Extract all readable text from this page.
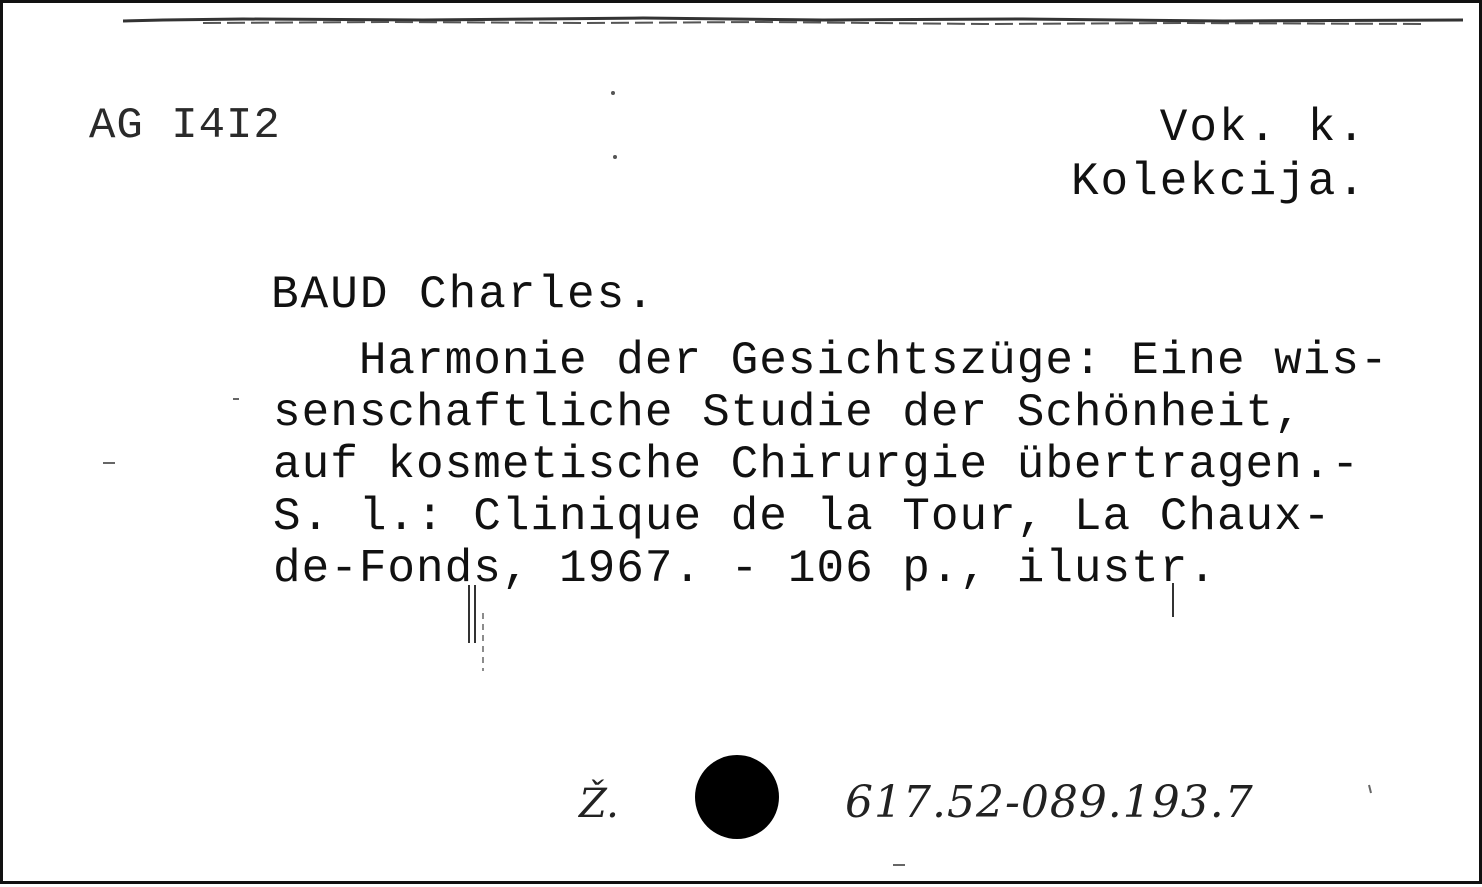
AG I4I2	Vok. k.
Kolekcija.
BAUD Charles.
Harmonie der Gesichtszüge: Eine wis-
senschaftliche Studie der Schönheit,
auf kosmetische Chirurgie übertragen.-
S. l.: Clinique de la Tour, La Chaux-
de-Fonds, 1967. - 106 p., ilustr.
Ž.	617.52-089.193.7
